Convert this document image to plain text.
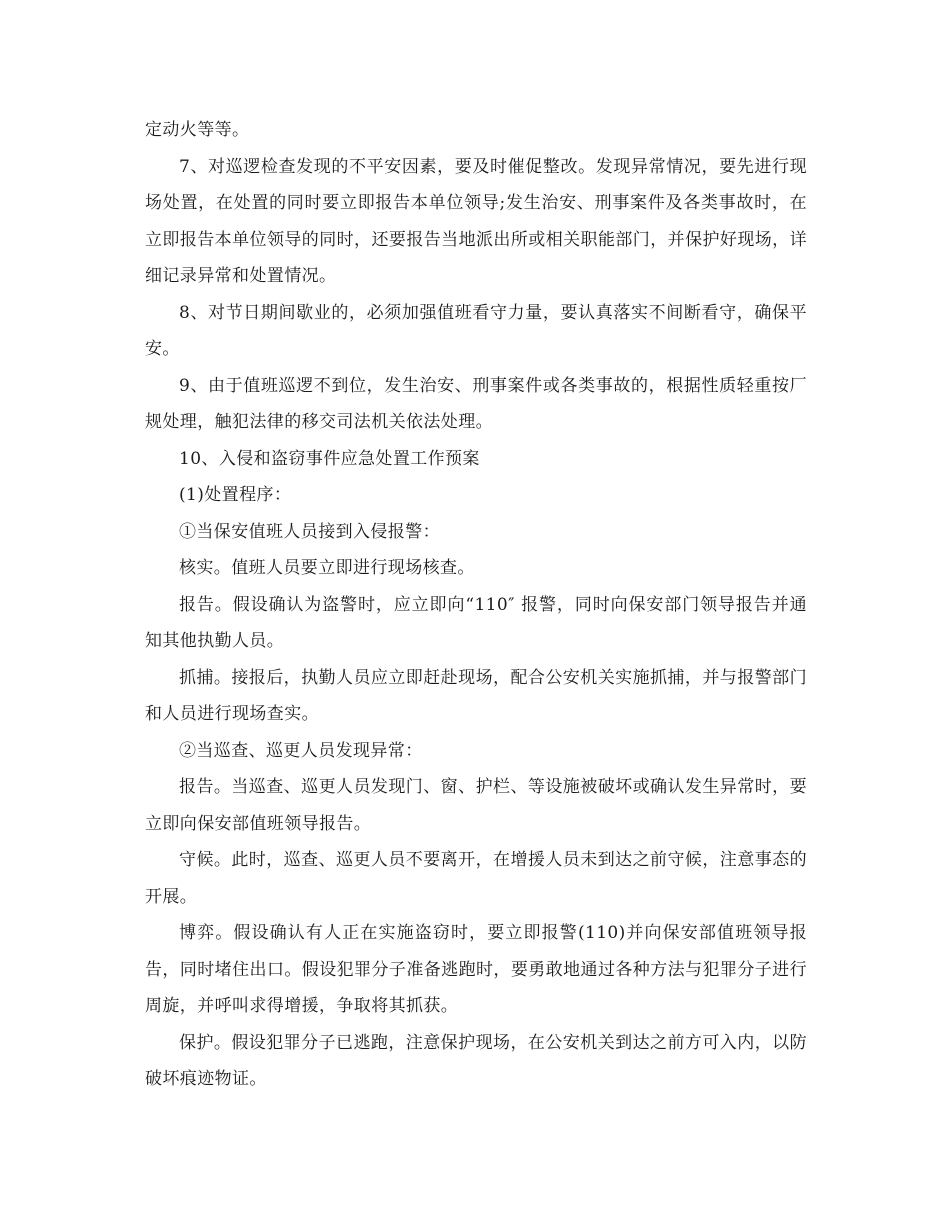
定动火等等。

7、对巡逻检查发现的不平安因素，要及时催促整改。发现异常情况，要先进行现场处置，在处置的同时要立即报告本单位领导;发生治安、刑事案件及各类事故时，在立即报告本单位领导的同时，还要报告当地派出所或相关职能部门，并保护好现场，详细记录异常和处置情况。

8、对节日期间歇业的，必须加强值班看守力量，要认真落实不间断看守，确保平安。

9、由于值班巡逻不到位，发生治安、刑事案件或各类事故的，根据性质轻重按厂规处理，触犯法律的移交司法机关依法处理。

10、入侵和盗窃事件应急处置工作预案

(1)处置程序：

①当保安值班人员接到入侵报警：

核实。值班人员要立即进行现场核查。

报告。假设确认为盗警时，应立即向“110″ 报警，同时向保安部门领导报告并通知其他执勤人员。

抓捕。接报后，执勤人员应立即赶赴现场，配合公安机关实施抓捕，并与报警部门和人员进行现场查实。

②当巡查、巡更人员发现异常：

报告。当巡查、巡更人员发现门、窗、护栏、等设施被破坏或确认发生异常时，要立即向保安部值班领导报告。

守候。此时，巡查、巡更人员不要离开，在增援人员未到达之前守候，注意事态的开展。

博弈。假设确认有人正在实施盗窃时，要立即报警(110)并向保安部值班领导报告，同时堵住出口。假设犯罪分子准备逃跑时，要勇敢地通过各种方法与犯罪分子进行周旋，并呼叫求得增援，争取将其抓获。

保护。假设犯罪分子已逃跑，注意保护现场，在公安机关到达之前方可入内，以防破坏痕迹物证。
